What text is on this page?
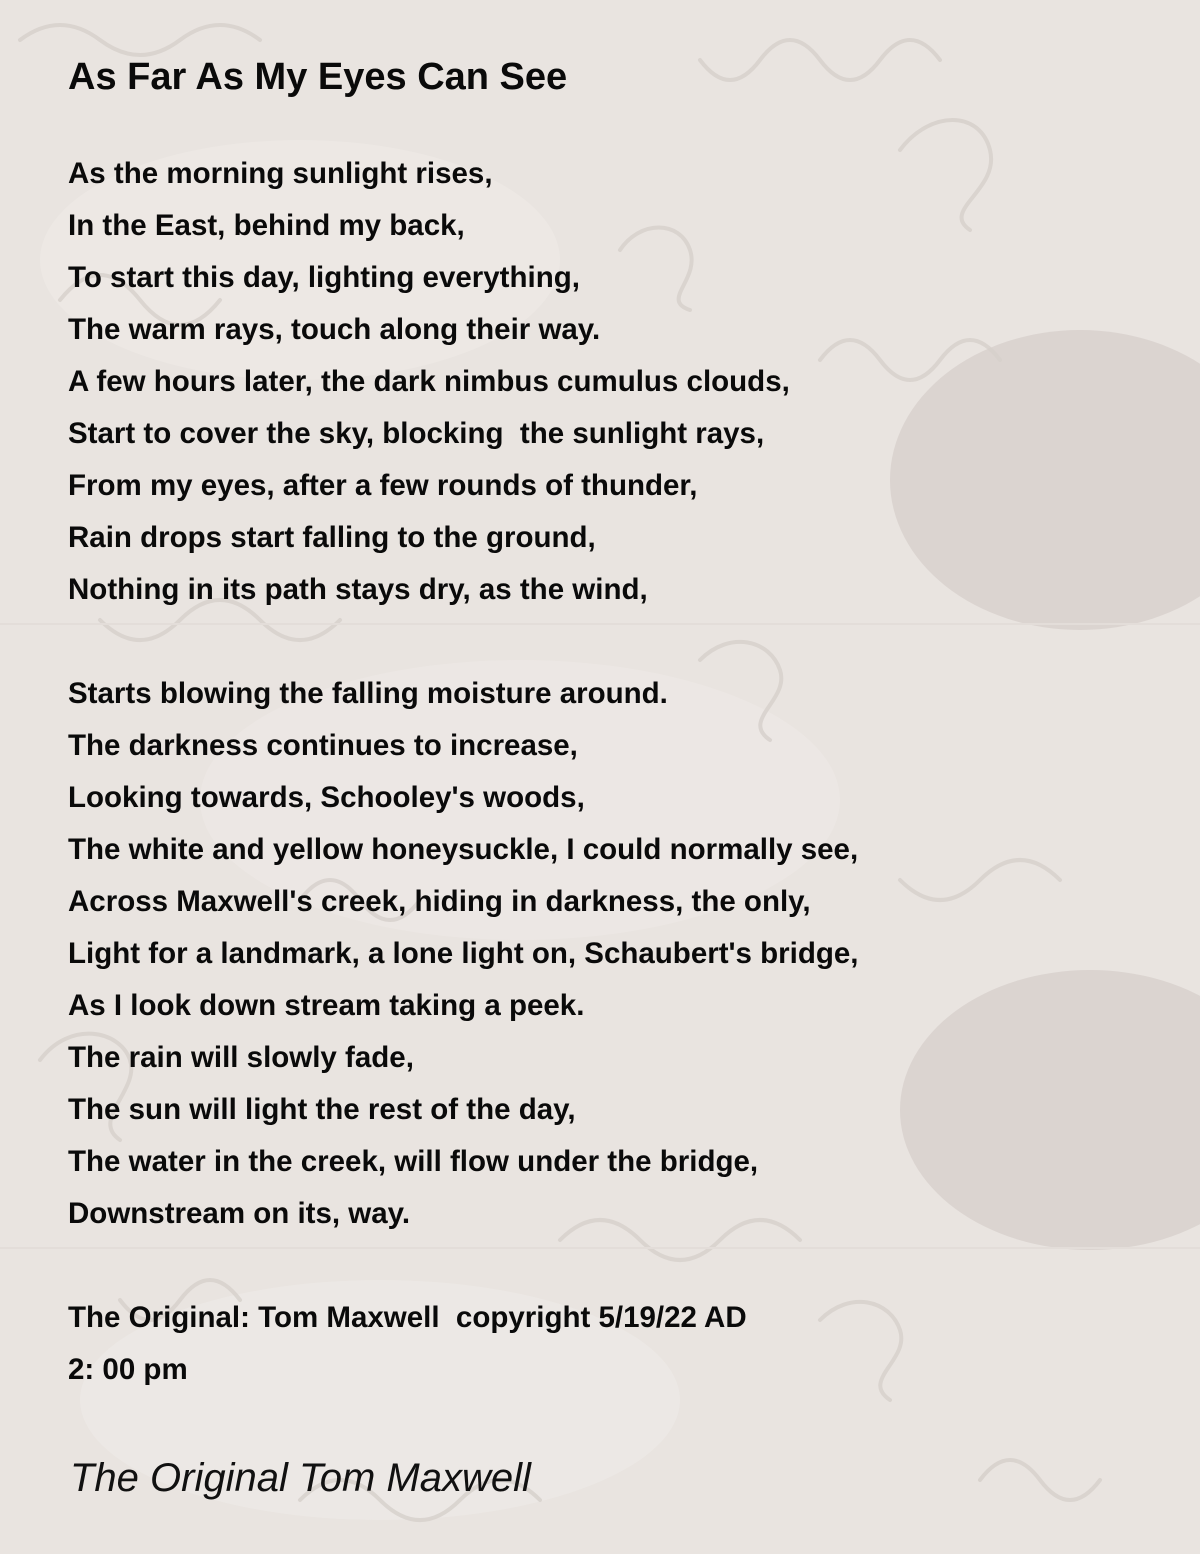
As Far As My Eyes Can See
As the morning sunlight rises,
In the East, behind my back,
To start this day, lighting everything,
The warm rays, touch along their way.
A few hours later, the dark nimbus cumulus clouds,
Start to cover the sky, blocking  the sunlight rays,
From my eyes, after a few rounds of thunder,
Rain drops start falling to the ground,
Nothing in its path stays dry, as the wind,
Starts blowing the falling moisture around.
The darkness continues to increase,
Looking towards, Schooley's woods,
The white and yellow honeysuckle, I could normally see,
Across Maxwell's creek, hiding in darkness, the only,
Light for a landmark, a lone light on, Schaubert's bridge,
As I look down stream taking a peek.
The rain will slowly fade,
The sun will light the rest of the day,
The water in the creek, will flow under the bridge,
Downstream on its, way.
The Original: Tom Maxwell  copyright 5/19/22 AD
2: 00 pm

The Original Tom Maxwell
